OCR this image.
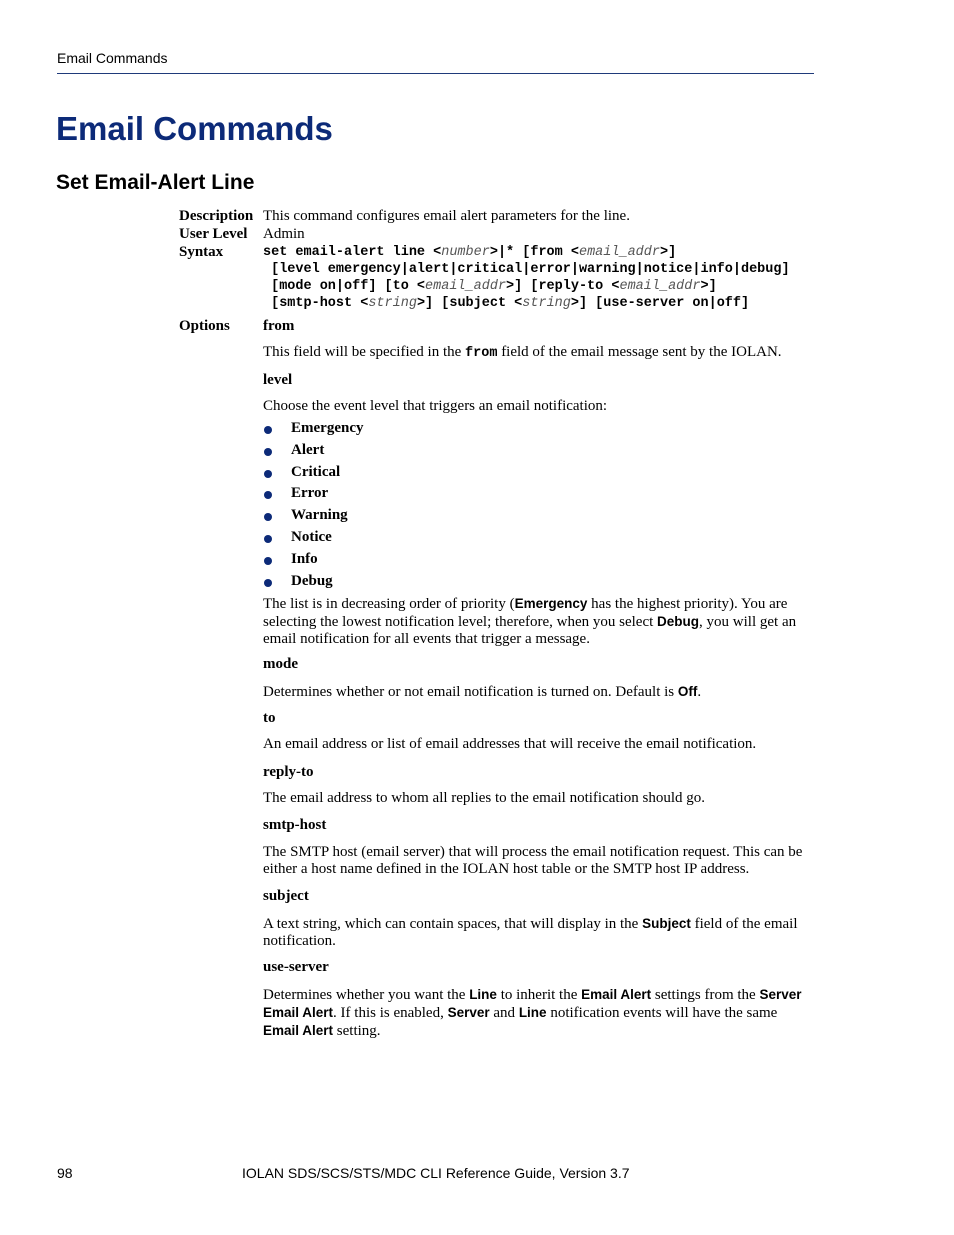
Email Commands
Email Commands
Set Email-Alert Line
Description This command configures email alert parameters for the line.
User Level Admin
Syntax	set email-alert line <number>|* [from <email_addr>]
[level emergency|alert|critical|error|warning|notice|info|debug]
[mode on|off] [to <email_addr>] [reply-to <email_addr>]
[smtp-host <string>] [subject <string>] [use-server on|off]
Options from
This field will be specified in the from field of the email message sent by the IOLAN.
level
Choose the event level that triggers an email notification:
Emergency
Alert
Critical
Error
Warning
Notice
Info
Debug
The list is in decreasing order of priority (Emergency has the highest priority). You are selecting the lowest notification level; therefore, when you select Debug, you will get an email notification for all events that trigger a message.
mode
Determines whether or not email notification is turned on. Default is Off.
to
An email address or list of email addresses that will receive the email notification.
reply-to
The email address to whom all replies to the email notification should go.
smtp-host
The SMTP host (email server) that will process the email notification request. This can be either a host name defined in the IOLAN host table or the SMTP host IP address.
subject
A text string, which can contain spaces, that will display in the Subject field of the email notification.
use-server
Determines whether you want the Line to inherit the Email Alert settings from the Server Email Alert. If this is enabled, Server and Line notification events will have the same Email Alert setting.
98	IOLAN SDS/SCS/STS/MDC CLI Reference Guide, Version 3.7
